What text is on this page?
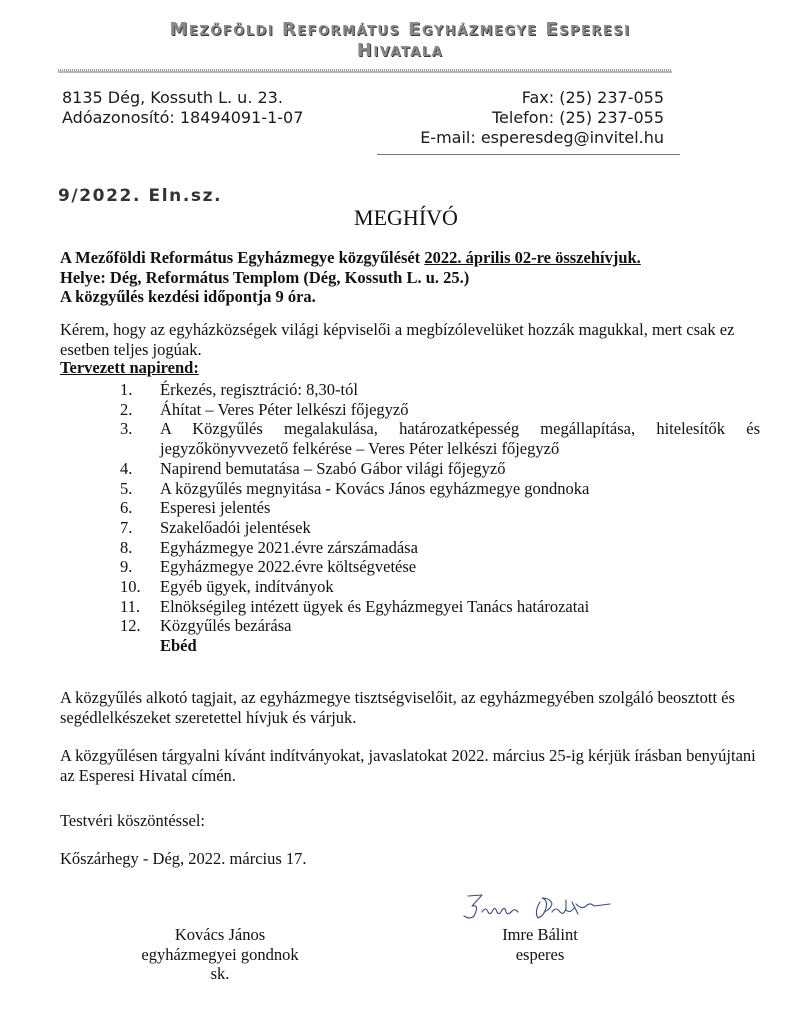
Mezőföldi Református Egyházmegye Esperesi
Hivatala
8135 Dég, Kossuth L. u. 23.
Adóazonosító: 18494091-1-07
Fax: (25) 237-055
Telefon: (25) 237-055
E-mail: esperesdeg@invitel.hu
9/2022. Eln.sz.
MEGHÍVÓ
A Mezőföldi Református Egyházmegye közgyűlését 2022. április 02-re összehívjuk.
Helye: Dég, Református Templom (Dég, Kossuth L. u. 25.)
A közgyűlés kezdési időpontja 9 óra.
Kérem, hogy az egyházközségek világi képviselői a megbízólevelüket hozzák magukkal, mert csak ez esetben teljes jogúak.
Tervezett napirend:
1.	Érkezés, regisztráció: 8,30-tól
2.	Áhítat – Veres Péter lelkészi főjegyző
3.	A Közgyűlés megalakulása, határozatképesség megállapítása, hitelesítők és jegyzőkönyvvezető felkérése – Veres Péter lelkészi főjegyző
4.	Napirend bemutatása – Szabó Gábor világi főjegyző
5.	A közgyűlés megnyitása - Kovács János egyházmegye gondnoka
6.	Esperesi jelentés
7.	Szakelőadói jelentések
8.	Egyházmegye 2021.évre zárszámadása
9.	Egyházmegye 2022.évre költségvetése
10.	Egyéb ügyek, indítványok
11.	Elnökségileg intézett ügyek és Egyházmegyei Tanács határozatai
12.	Közgyűlés bezárása
Ebéd
A közgyűlés alkotó tagjait, az egyházmegye tisztségviselőit, az egyházmegyében szolgáló beosztott és segédlelkészeket szeretettel hívjuk és várjuk.
A közgyűlésen tárgyalni kívánt indítványokat, javaslatokat 2022. március 25-ig kérjük írásban benyújtani az Esperesi Hivatal címén.
Testvéri köszöntéssel:
Kőszárhegy - Dég, 2022. március 17.
Kovács János
egyházmegyei gondnok
sk.
Imre Bálint
esperes
